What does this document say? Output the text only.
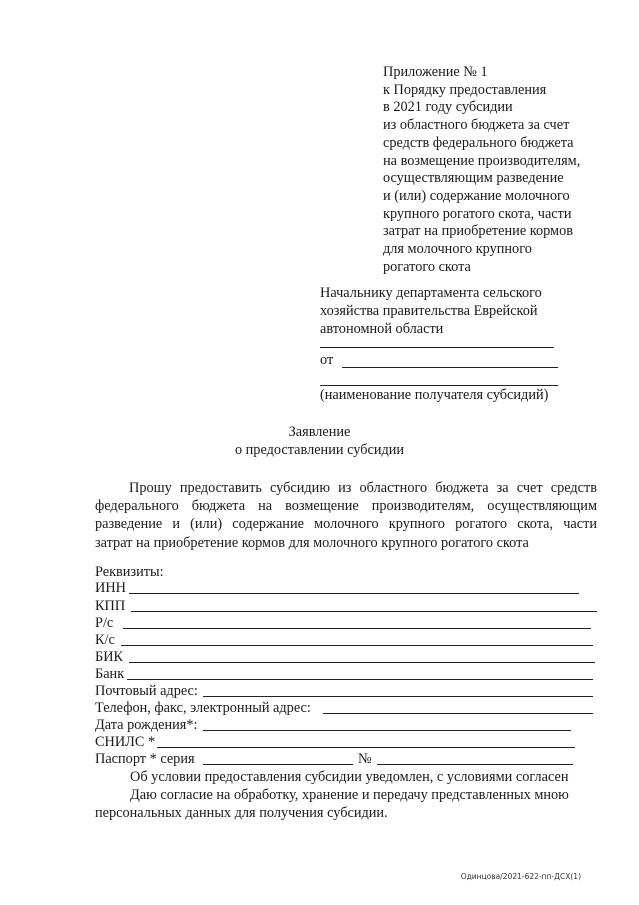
Приложение № 1
к Порядку предоставления
в 2021 году субсидии
из областного бюджета за счет
средств федерального бюджета
на возмещение производителям,
осуществляющим разведение
и (или) содержание молочного
крупного рогатого скота, части
затрат на приобретение кормов
для молочного крупного
рогатого скота
Начальнику департамента сельского
хозяйства правительства Еврейской
автономной области
от
(наименование получателя субсидий)
Заявление
о предоставлении субсидии
Прошу предоставить субсидию из областного бюджета за счет средств
федерального бюджета на возмещение производителям, осуществляющим
разведение и (или) содержание молочного крупного рогатого скота, части
затрат на приобретение кормов для молочного крупного рогатого скота
Реквизиты:
ИНН
КПП
Р/с
К/с
БИК
Банк
Почтовый адрес:
Телефон, факс, электронный адрес:
Дата рождения*:
СНИЛС *
Паспорт * серия	№
Об условии предоставления субсидии уведомлен, с условиями согласен
Даю согласие на обработку, хранение и передачу представленных мною
персональных данных для получения субсидии.
Одинцова/2021-622-пп-ДСХ(1)
